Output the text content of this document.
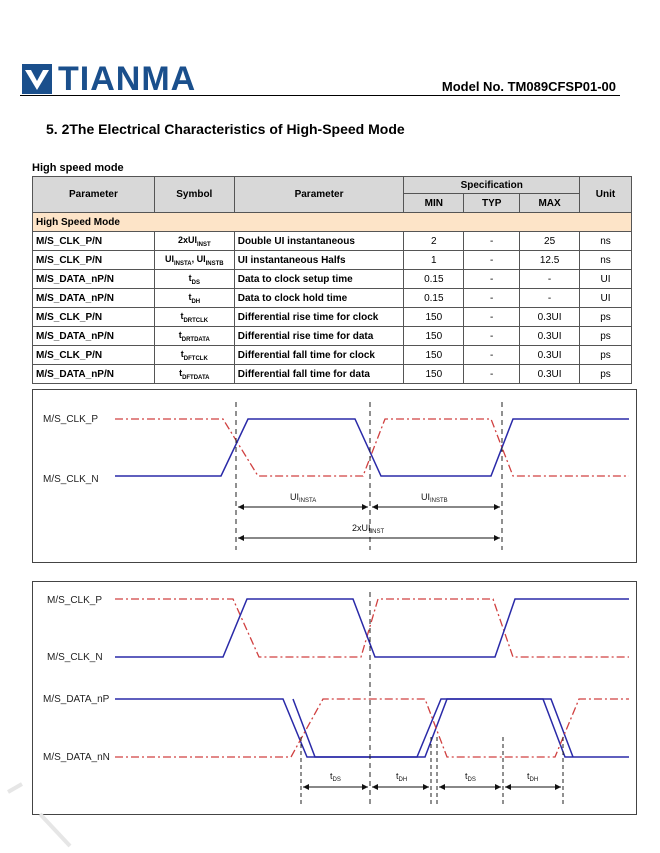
TIANMA	Model No. TM089CFSP01-00
5. 2The Electrical Characteristics of High-Speed Mode
High speed mode
Parameter	Symbol	Parameter	Specification			Unit
			MIN	TYP	MAX	
High Speed Mode						
M/S_CLK_P/N	2xUI$_{INST}$	Double UI instantaneous	2	-	25	ns
M/S_CLK_P/N	$UI_{INSTA}$, $UI_{INSTB}$	UI instantaneous Halfs	1	-	12.5	ns
M/S_DATA_nP/N	$t_{DS}$	Data to clock setup time	0.15	-	-	UI
M/S_DATA_nP/N	$t_{DH}$	Data to clock hold time	0.15	-	-	UI
M/S_CLK_P/N	$t_{DRTCLK}$	Differential rise time for clock	150	-	0.3UI	ps
M/S_DATA_nP/N	$t_{DRTDATA}$	Differential rise time for data	150	-	0.3UI	ps
M/S_CLK_P/N	$t_{DFTCLK}$	Differential fall time for clock	150	-	0.3UI	ps
M/S_DATA_nP/N	$t_{DFTDATA}$	Differential fall time for data	150	-	0.3UI	ps
M/S_CLK_P
M/S_CLK_N
$UI_{INSTA}$	$UI_{INSTB}$
2xUI$_{INST}$
M/S_CLK_P
M/S_CLK_N
M/S_DATA_nP
M/S_DATA_nN
$t_{DS}$	$t_{DH}$	$t_{DS}$	$t_{DH}$
